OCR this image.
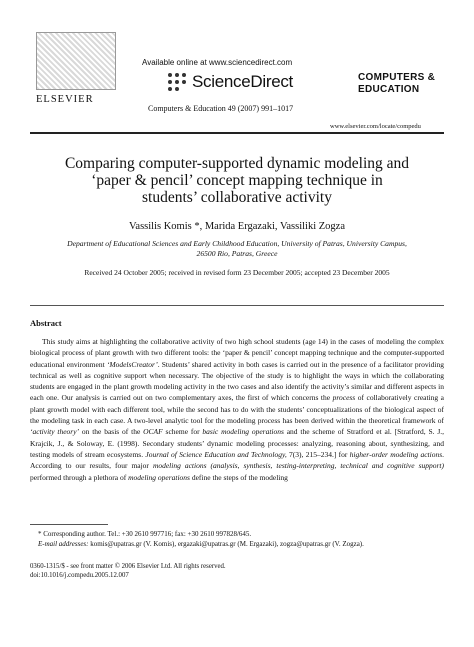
ELSEVIER
Available online at www.sciencedirect.com
ScienceDirect
Computers & Education 49 (2007) 991–1017
COMPUTERS &
EDUCATION
www.elsevier.com/locate/compedu
Comparing computer-supported dynamic modeling and
‘paper & pencil’ concept mapping technique in
students’ collaborative activity
Vassilis Komis *, Marida Ergazaki, Vassiliki Zogza
Department of Educational Sciences and Early Childhood Education, University of Patras, University Campus,
26500 Rio, Patras, Greece
Received 24 October 2005; received in revised form 23 December 2005; accepted 23 December 2005
Abstract
This study aims at highlighting the collaborative activity of two high school students (age 14) in the cases of modeling the complex biological process of plant growth with two different tools: the ‘paper & pencil’ concept mapping technique and the computer-supported educational environment ‘ModelsCreator’. Students’ shared activity in both cases is carried out in the presence of a facilitator providing technical as well as cognitive support when necessary. The objective of the study is to highlight the ways in which the collaborating students are engaged in the plant growth modeling activity in the two cases and also identify the activity’s similar and different aspects in each one. Our analysis is carried out on two complementary axes, the first of which concerns the process of collaboratively creating a plant growth model with each different tool, while the second has to do with the students’ conceptualizations of the biological aspect of the modeling task in each case. A two-level analytic tool for the modeling process has been derived within the theoretical framework of ‘activity theory’ on the basis of the OCAF scheme for basic modeling operations and the scheme of Stratford et al. [Stratford, S. J., Krajcik, J., & Soloway, E. (1998). Secondary students’ dynamic modeling processes: analyzing, reasoning about, synthesizing, and testing models of stream ecosystems. Journal of Science Education and Technology, 7(3), 215–234.] for higher-order modeling actions. According to our results, four major modeling actions (analysis, synthesis, testing-interpreting, technical and cognitive support) performed through a plethora of modeling operations define the steps of the modeling
* Corresponding author. Tel.: +30 2610 997716; fax: +30 2610 997828/645.
E-mail addresses: komis@upatras.gr (V. Komis), ergazaki@upatras.gr (M. Ergazaki), zogza@upatras.gr (V. Zogza).
0360-1315/$ - see front matter © 2006 Elsevier Ltd. All rights reserved.
doi:10.1016/j.compedu.2005.12.007
